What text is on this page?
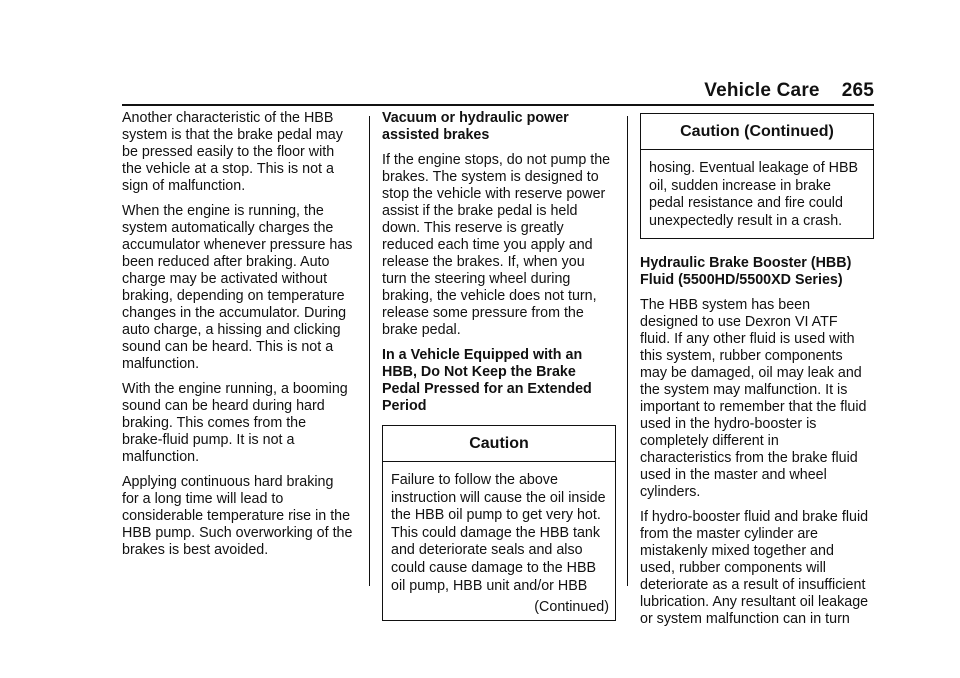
Vehicle Care 265

Another characteristic of the HBB
system is that the brake pedal may
be pressed easily to the floor with
the vehicle at a stop. This is not a
sign of malfunction.

When the engine is running, the
system automatically charges the
accumulator whenever pressure has
been reduced after braking. Auto
charge may be activated without
braking, depending on temperature
changes in the accumulator. During
auto charge, a hissing and clicking
sound can be heard. This is not a
malfunction.

With the engine running, a booming
sound can be heard during hard
braking. This comes from the
brake-fluid pump. It is not a
malfunction.

Applying continuous hard braking
for a long time will lead to
considerable temperature rise in the
HBB pump. Such overworking of the
brakes is best avoided.

Vacuum or hydraulic power
assisted brakes

If the engine stops, do not pump the
brakes. The system is designed to
stop the vehicle with reserve power
assist if the brake pedal is held
down. This reserve is greatly
reduced each time you apply and
release the brakes. If, when you
turn the steering wheel during
braking, the vehicle does not turn,
release some pressure from the
brake pedal.

In a Vehicle Equipped with an
HBB, Do Not Keep the Brake
Pedal Pressed for an Extended
Period
Caution
Failure to follow the above
instruction will cause the oil inside
the HBB oil pump to get very hot.
This could damage the HBB tank
and deteriorate seals and also
could cause damage to the HBB
oil pump, HBB unit and/or HBB
(Continued)
Caution (Continued)
hosing. Eventual leakage of HBB
oil, sudden increase in brake
pedal resistance and fire could
unexpectedly result in a crash.
Hydraulic Brake Booster (HBB)
Fluid (5500HD/5500XD Series)

The HBB system has been
designed to use Dexron VI ATF
fluid. If any other fluid is used with
this system, rubber components
may be damaged, oil may leak and
the system may malfunction. It is
important to remember that the fluid
used in the hydro-booster is
completely different in
characteristics from the brake fluid
used in the master and wheel
cylinders.

If hydro-booster fluid and brake fluid
from the master cylinder are
mistakenly mixed together and
used, rubber components will
deteriorate as a result of insufficient
lubrication. Any resultant oil leakage
or system malfunction can in turn
